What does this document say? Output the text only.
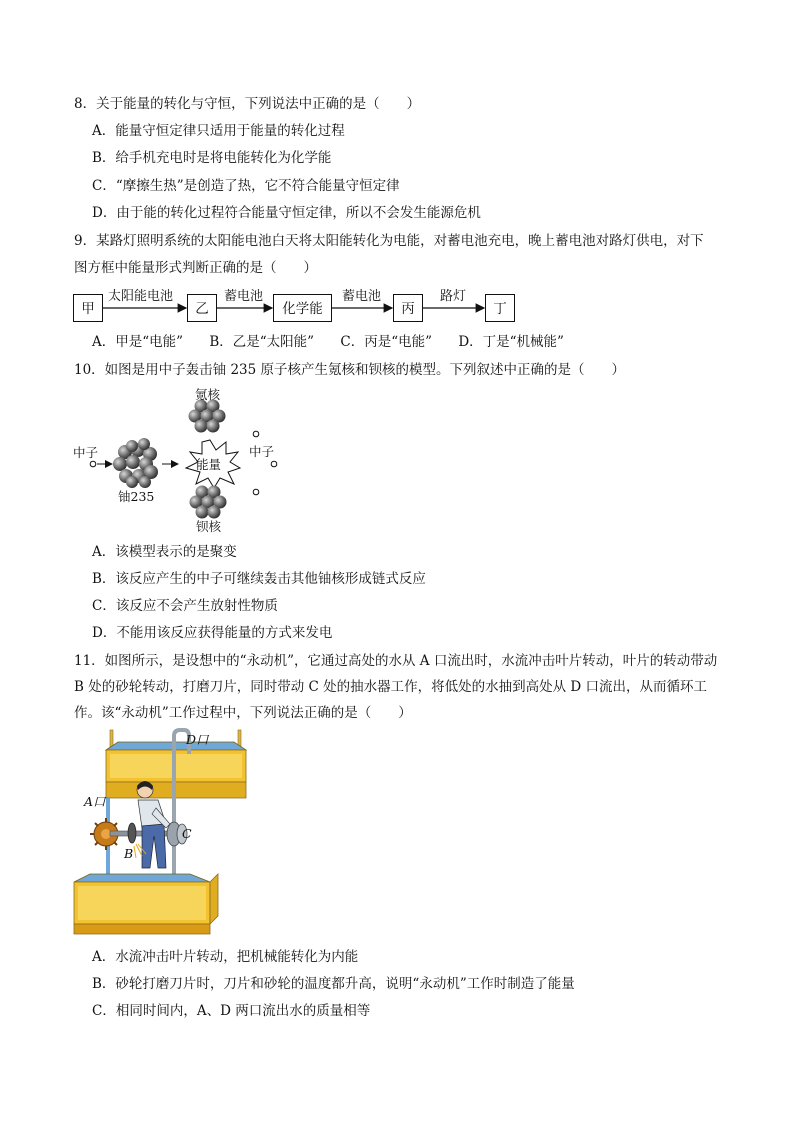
8．关于能量的转化与守恒，下列说法中正确的是（　　）
A．能量守恒定律只适用于能量的转化过程
B．给手机充电时是将电能转化为化学能
C．“摩擦生热”是创造了热，它不符合能量守恒定律
D．由于能的转化过程符合能量守恒定律，所以不会发生能源危机
9．某路灯照明系统的太阳能电池白天将太阳能转化为电能，对蓄电池充电，晚上蓄电池对路灯供电，对下
图方框中能量形式判断正确的是（　　）
甲	乙	化学能	丙	丁
太阳能电池	蓄电池	蓄电池	路灯
A．甲是“电能” B．乙是“太阳能” C．丙是“电能” D．丁是“机械能”
10．如图是用中子轰击铀 235 原子核产生氪核和钡核的模型。下列叙述中正确的是（　　）
中子
铀235
能量
氪核
钡核
中子
A．该模型表示的是聚变
B．该反应产生的中子可继续轰击其他铀核形成链式反应
C．该反应不会产生放射性物质
D．不能用该反应获得能量的方式来发电
11．如图所示，是设想中的“永动机”，它通过高处的水从 A 口流出时，水流冲击叶片转动，叶片的转动带动 B 处的砂轮转动，打磨刀片，同时带动 C 处的抽水器工作，将低处的水抽到高处从 D 口流出，从而循环工作。该“永动机”工作过程中，下列说法正确的是（　　）
A口
B
C
D口
A．水流冲击叶片转动，把机械能转化为内能
B．砂轮打磨刀片时，刀片和砂轮的温度都升高，说明“永动机”工作时制造了能量
C．相同时间内，A、D 两口流出水的质量相等
